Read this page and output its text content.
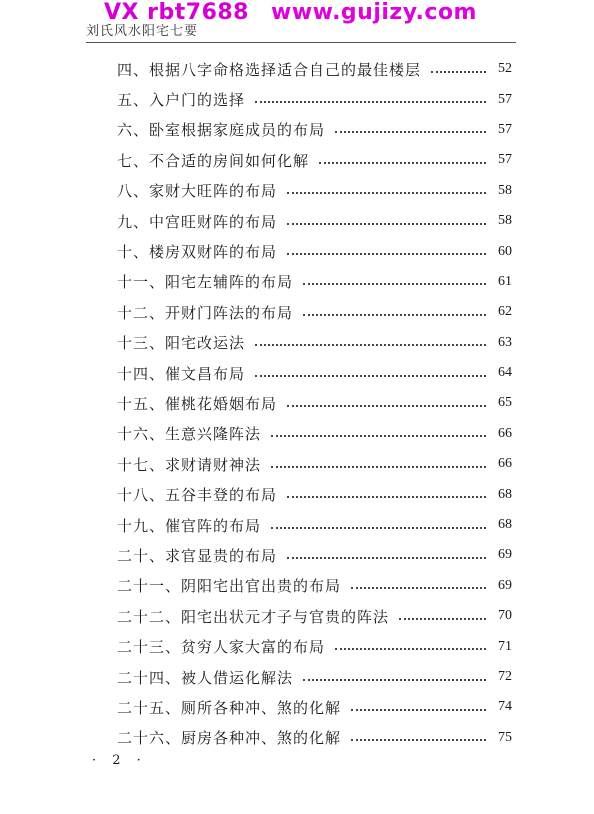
刘氏风水阳宅七要
VX rbt7688 www.gujizy.com
四、根据八字命格选择适合自己的最佳楼层	52
五、入户门的选择	57
六、卧室根据家庭成员的布局	57
七、不合适的房间如何化解	57
八、家财大旺阵的布局	58
九、中宫旺财阵的布局	58
十、楼房双财阵的布局	60
十一、阳宅左辅阵的布局	61
十二、开财门阵法的布局	62
十三、阳宅改运法	63
十四、催文昌布局	64
十五、催桃花婚姻布局	65
十六、生意兴隆阵法	66
十七、求财请财神法	66
十八、五谷丰登的布局	68
十九、催官阵的布局	68
二十、求官显贵的布局	69
二十一、阴阳宅出官出贵的布局	69
二十二、阳宅出状元才子与官贵的阵法	70
二十三、贫穷人家大富的布局	71
二十四、被人借运化解法	72
二十五、厕所各种冲、煞的化解	74
二十六、厨房各种冲、煞的化解	75
· 2 ·
